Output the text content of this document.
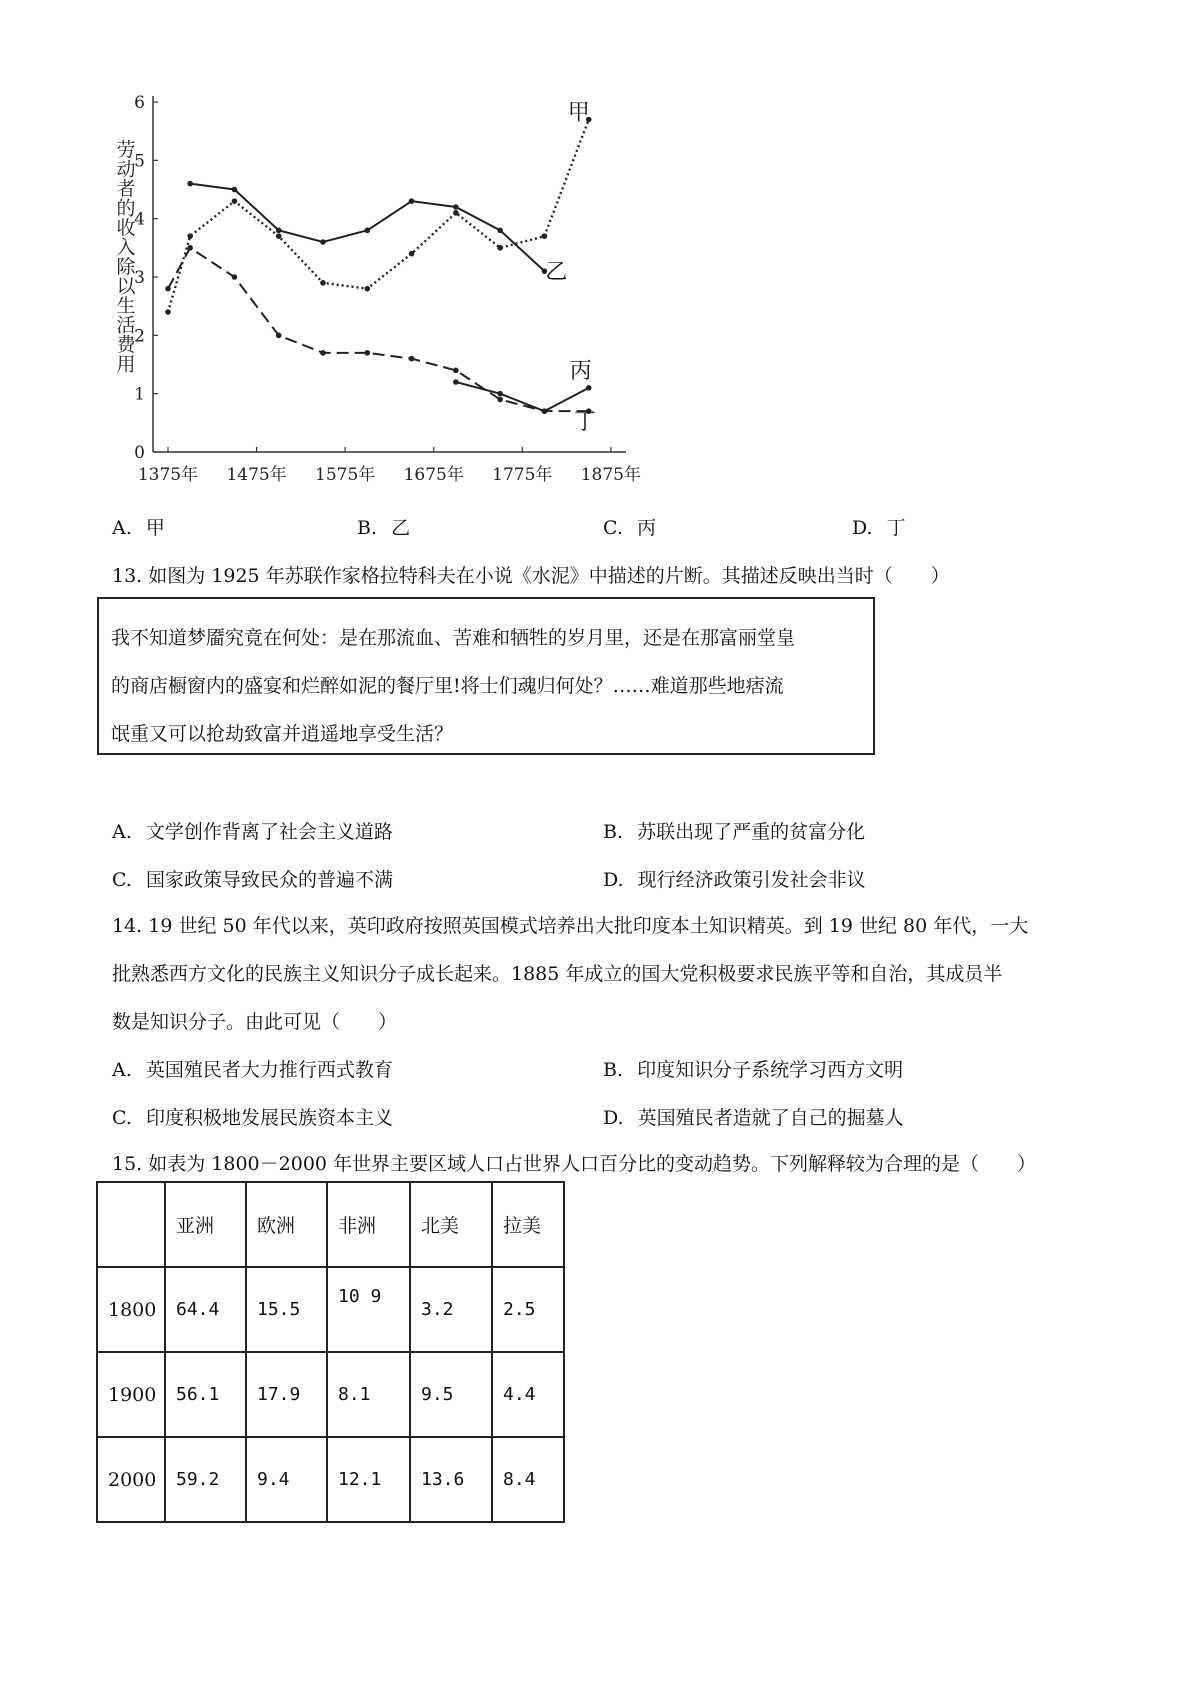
0
1
2
3
4
5
6
1375年 1475年 1575年 1675年 1775年 1875年
劳
动
者
的
收
入
除
以
生
活
费
用
甲
乙
丙
丁
A. 甲	B. 乙	C. 丙	D. 丁
13. 如图为 1925 年苏联作家格拉特科夫在小说《水泥》中描述的片断。其描述反映出当时（　　）
我不知道梦靥究竟在何处：是在那流血、苦难和牺牲的岁月里，还是在那富丽堂皇
的商店橱窗内的盛宴和烂醉如泥的餐厅里!将士们魂归何处？……难道那些地痞流
氓重又可以抢劫致富并逍遥地享受生活？
A. 文学创作背离了社会主义道路	B. 苏联出现了严重的贫富分化
C. 国家政策导致民众的普遍不满	D. 现行经济政策引发社会非议
14. 19 世纪 50 年代以来，英印政府按照英国模式培养出大批印度本土知识精英。到 19 世纪 80 年代，一大
批熟悉西方文化的民族主义知识分子成长起来。1885 年成立的国大党积极要求民族平等和自治，其成员半
数是知识分子。由此可见（　　）
A. 英国殖民者大力推行西式教育	B. 印度知识分子系统学习西方文明
C. 印度积极地发展民族资本主义	D. 英国殖民者造就了自己的掘墓人
15. 如表为 1800－2000 年世界主要区域人口占世界人口百分比的变动趋势。下列解释较为合理的是（　　）
	亚洲	欧洲	非洲	北美	拉美
1800	64.4	15.5	10 9	3.2	2.5
1900	56.1	17.9	8.1	9.5	4.4
2000	59.2	9.4	12.1	13.6	8.4
